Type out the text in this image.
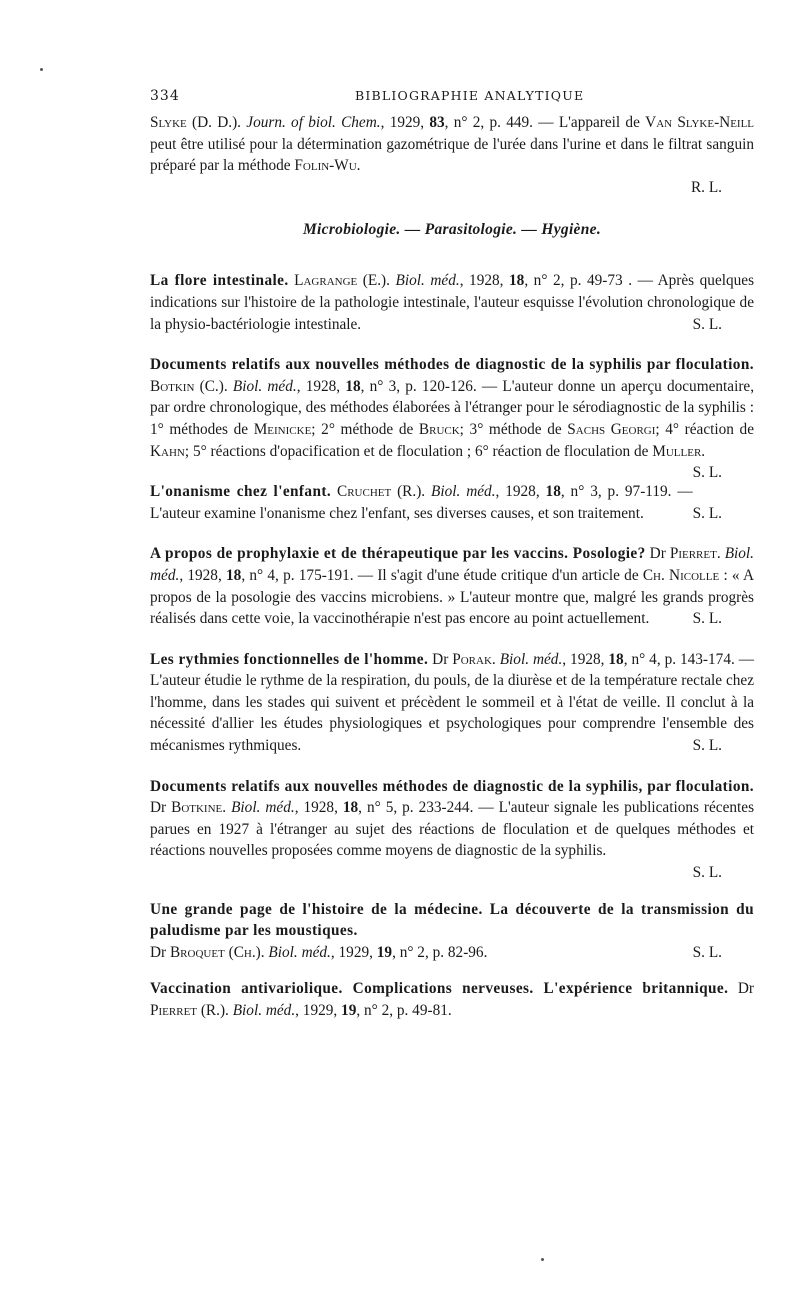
334	BIBLIOGRAPHIE ANALYTIQUE

Slyke (D. D.). Journ. of biol. Chem., 1929, 83, n° 2, p. 449. — L'appareil de Van Slyke-Neill peut être utilisé pour la détermination gazométrique de l'urée dans l'urine et dans le filtrat sanguin préparé par la méthode Folin-Wu.
R. L.

Microbiologie. — Parasitologie. — Hygiène.

La flore intestinale. Lagrange (E.). Biol. méd., 1928, 18, n° 2, p. 49-73 . — Après quelques indications sur l'histoire de la pathologie intestinale, l'auteur esquisse l'évolution chronologique de la physio-bactériologie intestinale.	S. L.

Documents relatifs aux nouvelles méthodes de diagnostic de la syphilis par floculation. Botkin (C.). Biol. méd., 1928, 18, n° 3, p. 120-126. — L'auteur donne un aperçu documentaire, par ordre chronologique, des méthodes élaborées à l'étranger pour le sérodiagnostic de la syphilis : 1° méthodes de Meinicke; 2° méthode de Bruck; 3° méthode de Sachs Georgi; 4° réaction de Kahn; 5° réactions d'opacification et de floculation ; 6° réaction de floculation de Muller.
S. L.

L'onanisme chez l'enfant. Cruchet (R.). Biol. méd., 1928, 18, n° 3, p. 97-119. — L'auteur examine l'onanisme chez l'enfant, ses diverses causes, et son traitement.	S. L.

A propos de prophylaxie et de thérapeutique par les vaccins. Posologie? Dr Pierret. Biol. méd., 1928, 18, n° 4, p. 175-191. — Il s'agit d'une étude critique d'un article de Ch. Nicolle : « A propos de la posologie des vaccins microbiens. » L'auteur montre que, malgré les grands progrès réalisés dans cette voie, la vaccinothérapie n'est pas encore au point actuellement.	S. L.

Les rythmies fonctionnelles de l'homme. Dr Porak. Biol. méd., 1928, 18, n° 4, p. 143-174. — L'auteur étudie le rythme de la respiration, du pouls, de la diurèse et de la température rectale chez l'homme, dans les stades qui suivent et précèdent le sommeil et à l'état de veille. Il conclut à la nécessité d'allier les études physiologiques et psychologiques pour comprendre l'ensemble des mécanismes rythmiques.	S. L.

Documents relatifs aux nouvelles méthodes de diagnostic de la syphilis, par floculation. Dr Botkine. Biol. méd., 1928, 18, n° 5, p. 233-244. — L'auteur signale les publications récentes parues en 1927 à l'étranger au sujet des réactions de floculation et de quelques méthodes et réactions nouvelles proposées comme moyens de diagnostic de la syphilis.
S. L.

Une grande page de l'histoire de la médecine. La découverte de la transmission du paludisme par les moustiques.
Dr Broquet (Ch.). Biol. méd., 1929, 19, n° 2, p. 82-96.	S. L.

Vaccination antivariolique. Complications nerveuses. L'expérience britannique. Dr Pierret (R.). Biol. méd., 1929, 19, n° 2, p. 49-81.
